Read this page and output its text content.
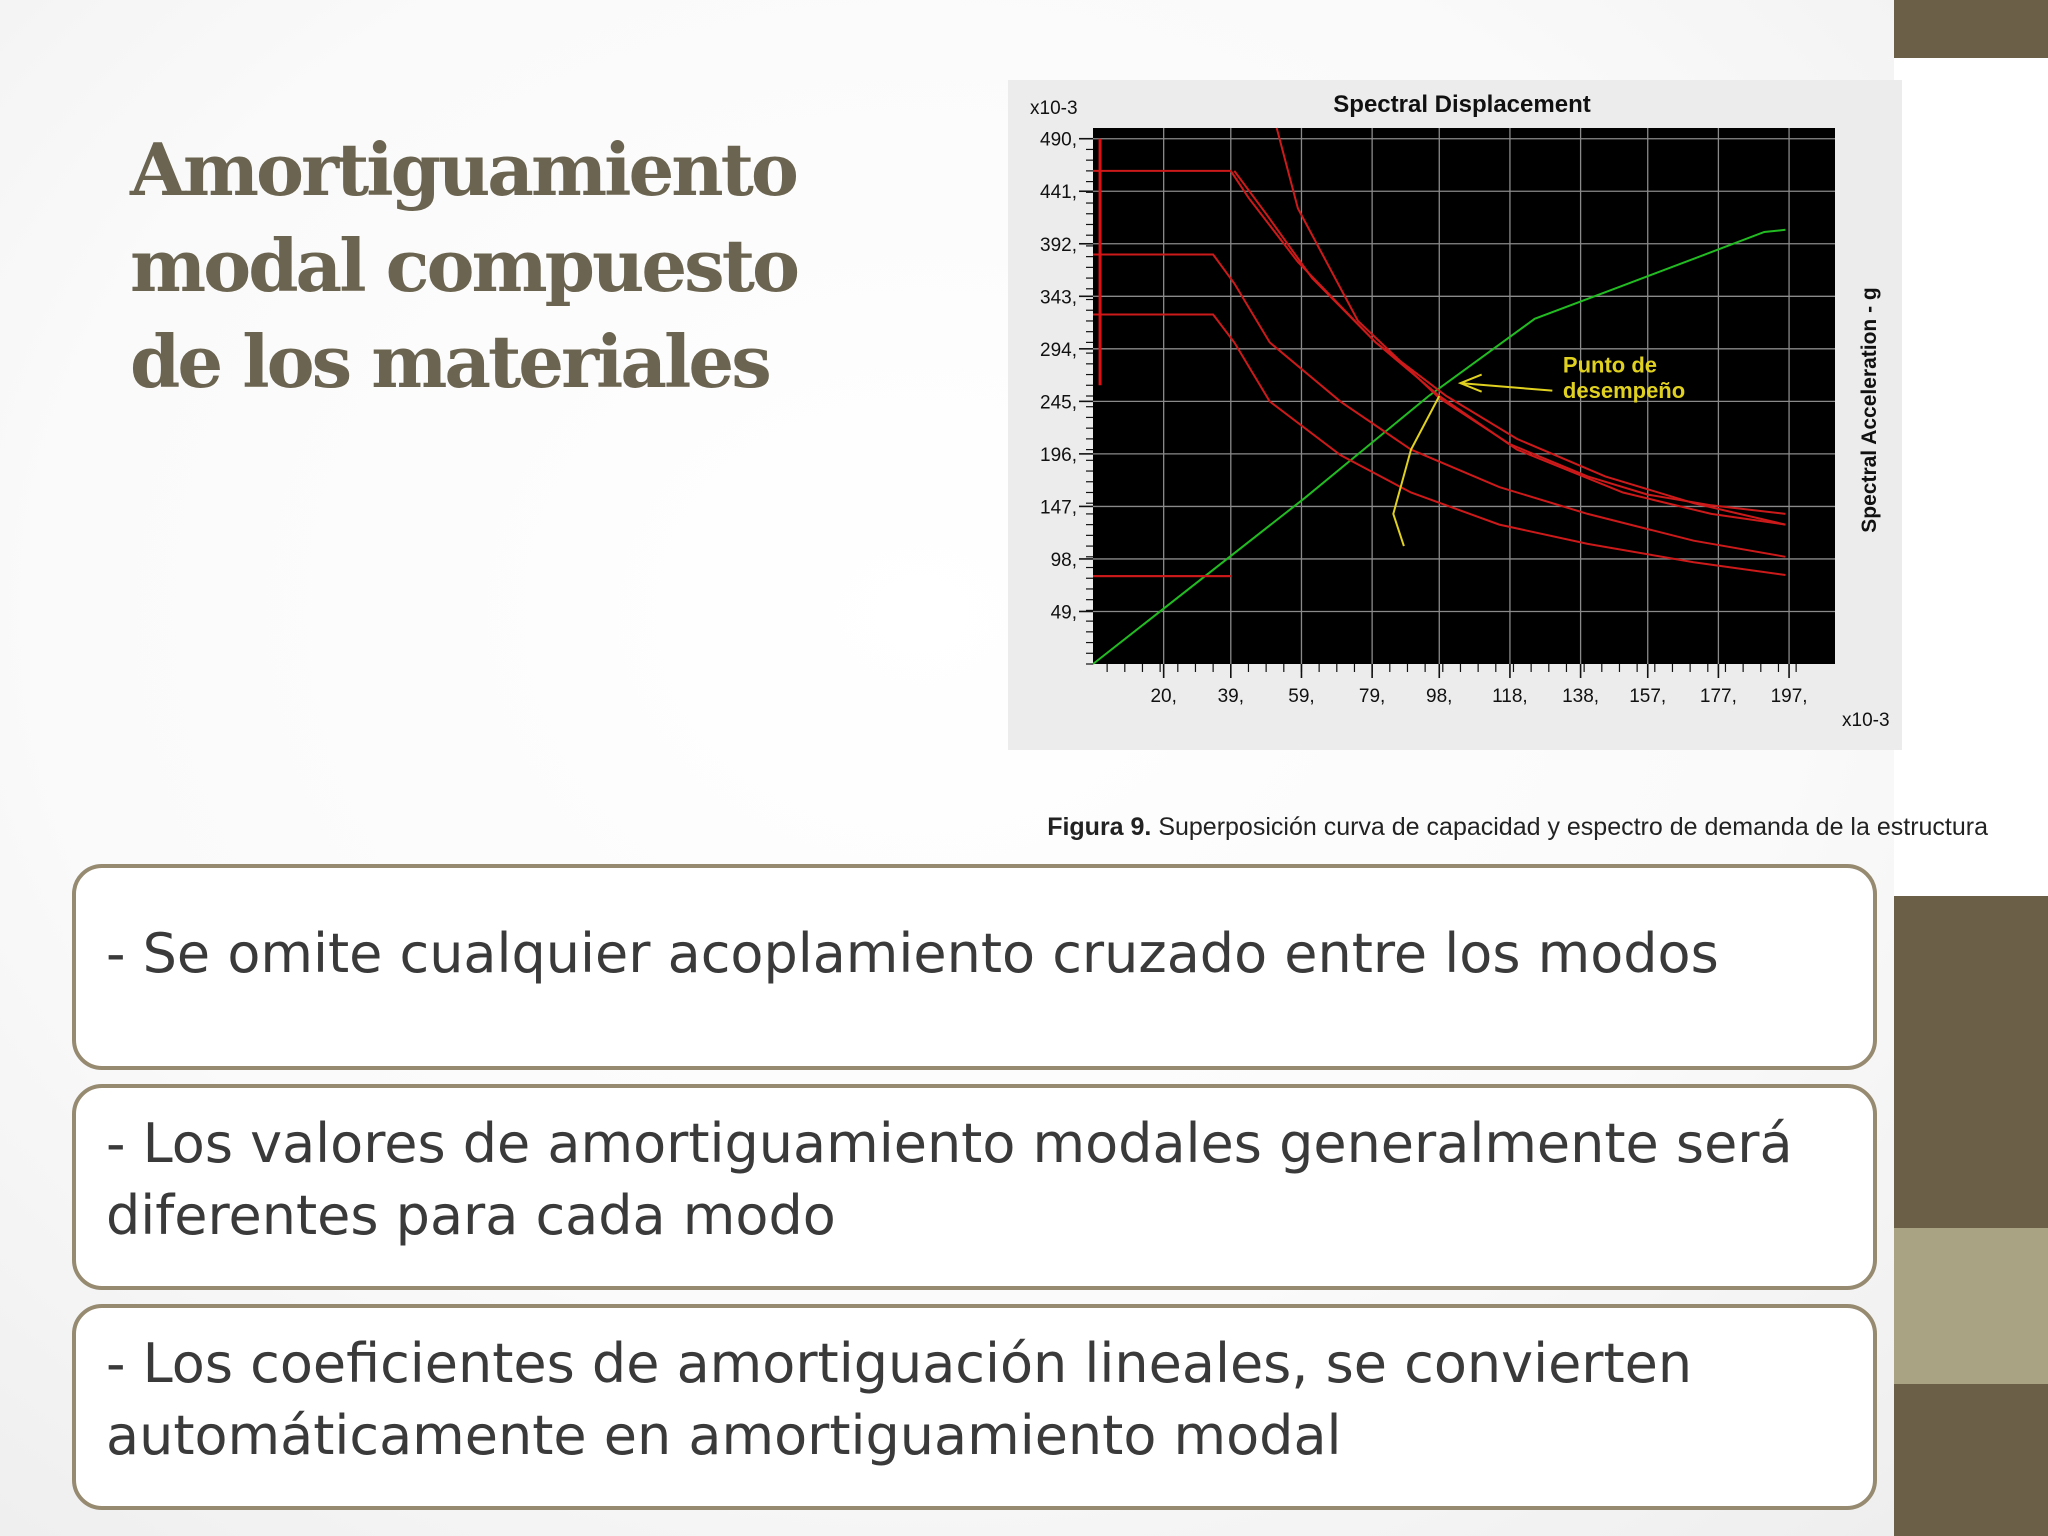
Amortiguamiento
modal compuesto
de los materiales
20, 39, 59, 79, 98, 118, 138, 157, 177, 197,
490,
441,
392,
343,
294,
245,
196,
147,
98,
49,
Punto de
desempeño
Spectral Displacement
x10-3
x10-3
Spectral Acceleration - g

Figura 9. Superposición curva de capacidad y espectro de demanda de la estructura

- Se omite cualquier acoplamiento cruzado entre los modos

- Los valores de amortiguamiento modales generalmente será diferentes para cada modo

- Los coeficientes de amortiguación lineales, se convierten automáticamente en amortiguamiento modal
